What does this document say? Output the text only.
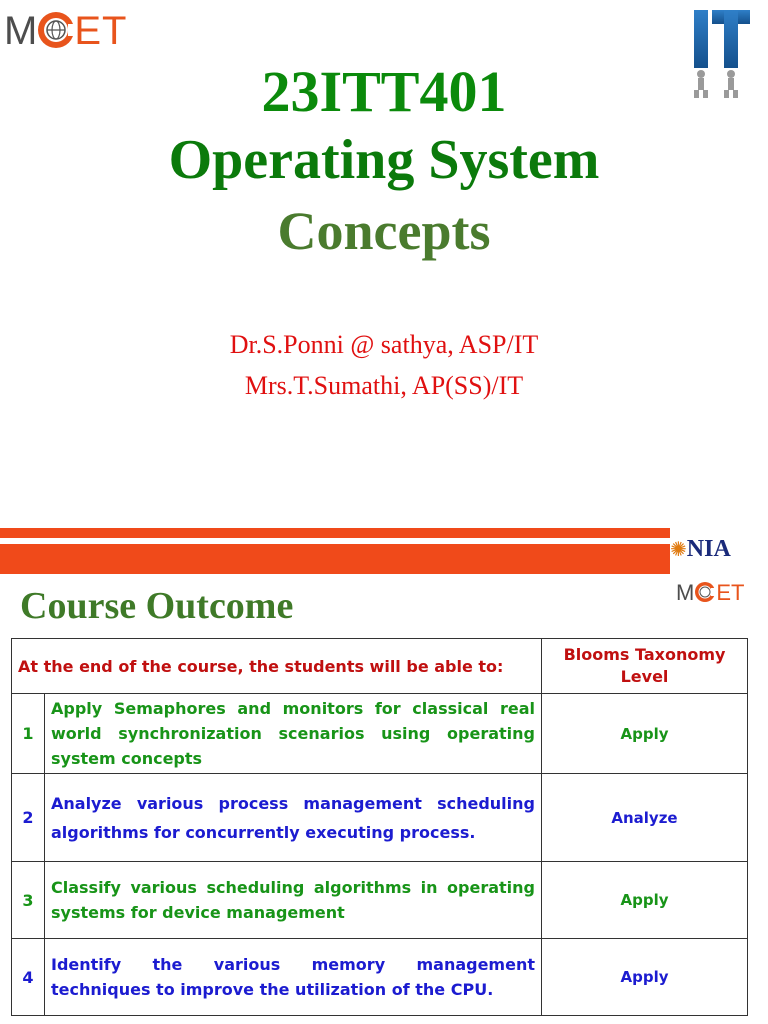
M ET
23ITT401
Operating System
Concepts
Dr.S.Ponni @ sathya, ASP/IT
Mrs.T.Sumathi, AP(SS)/IT
✺NIA
M ET
Course Outcome
At the end of the course, the students will be able to:		Blooms Taxonomy Level
1	Apply Semaphores and monitors for classical real world synchronization scenarios using operating system concepts	Apply
2	Analyze various process management scheduling algorithms for concurrently executing process.	Analyze
3	Classify various scheduling algorithms in operating systems for device management	Apply
4	Identify the various memory management techniques to improve the utilization of the CPU.	Apply
